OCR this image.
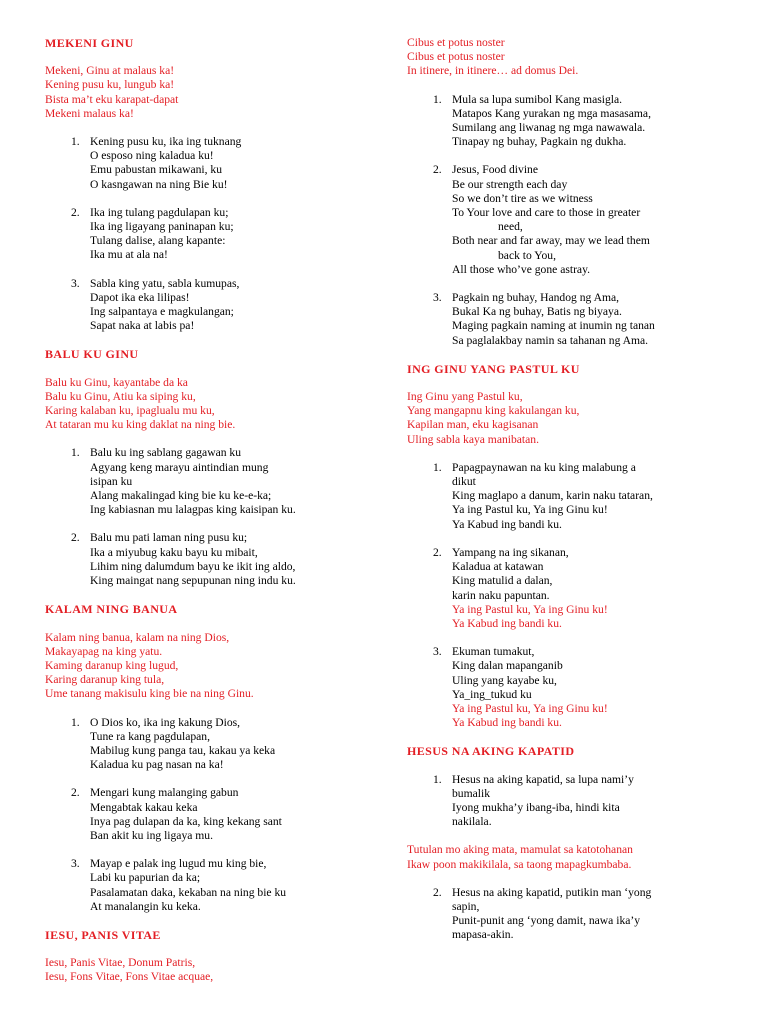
MEKENI GINU
Mekeni, Ginu at malaus ka!
Kening pusu ku, lungub ka!
Bista ma’t eku karapat-dapat
Mekeni malaus ka!
1. Kening pusu ku, ika ing tuknang
O esposo ning kaladua ku!
Emu pabustan mikawani, ku
O kasngawan na ning Bie ku!
2. Ika ing tulang pagdulapan ku;
Ika ing ligayang paninapan ku;
Tulang dalise, alang kapante:
Ika mu at ala na!
3. Sabla king yatu, sabla kumupas,
Dapot ika eka lilipas!
Ing salpantaya e magkulangan;
Sapat naka at labis pa!
BALU KU GINU
Balu ku Ginu, kayantabe da ka
Balu ku Ginu, Atiu ka siping ku,
Karing kalaban ku, ipaglualu mu ku,
At tataran mu ku king daklat na ning bie.
1. Balu ku ing sablang gagawan ku
Agyang keng marayu aintindian mung
isipan ku
Alang makalingad king bie ku ke-e-ka;
Ing kabiasnan mu lalagpas king kaisipan ku.
2. Balu mu pati laman ning pusu ku;
Ika a miyubug kaku bayu ku mibait,
Lihim ning dalumdum bayu ke ikit ing aldo,
King maingat nang sepupunan ning indu ku.
KALAM NING BANUA
Kalam ning banua, kalam na ning Dios,
Makayapag na king yatu.
Kaming daranup king lugud,
Karing daranup king tula,
Ume tanang makisulu king bie na ning Ginu.
1. O Dios ko, ika ing kakung Dios,
Tune ra kang pagdulapan,
Mabilug kung panga tau, kakau ya keka
Kaladua ku pag nasan na ka!
2. Mengari kung malanging gabun
Mengabtak kakau keka
Inya pag dulapan da ka, king kekang sant
Ban akit ku ing ligaya mu.
3. Mayap e palak ing lugud mu king bie,
Labi ku papurian da ka;
Pasalamatan daka, kekaban na ning bie ku
At manalangin ku keka.
IESU, PANIS VITAE
Iesu, Panis Vitae, Donum Patris,
Iesu, Fons Vitae, Fons Vitae acquae,
Cibus et potus noster
Cibus et potus noster
In itinere, in itinere… ad domus Dei.
1. Mula sa lupa sumibol Kang masigla.
Matapos Kang yurakan ng mga masasama,
Sumilang ang liwanag ng mga nawawala.
Tinapay ng buhay, Pagkain ng dukha.
2. Jesus, Food divine
Be our strength each day
So we don’t tire as we witness
To Your love and care to those in greater
need,
Both near and far away, may we lead them
back to You,
All those who’ve gone astray.
3. Pagkain ng buhay, Handog ng Ama,
Bukal Ka ng buhay, Batis ng biyaya.
Maging pagkain naming at inumin ng tanan
Sa paglalakbay namin sa tahanan ng Ama.
ING GINU YANG PASTUL KU
Ing Ginu yang Pastul ku,
Yang mangapnu king kakulangan ku,
Kapilan man, eku kagisanan
Uling sabla kaya manibatan.
1. Papagpaynawan na ku king malabung a
dikut
King maglapo a danum, karin naku tataran,
Ya ing Pastul ku, Ya ing Ginu ku!
Ya Kabud ing bandi ku.
2. Yampang na ing sikanan,
Kaladua at katawan
King matulid a dalan,
karin naku papuntan.
Ya ing Pastul ku, Ya ing Ginu ku!
Ya Kabud ing bandi ku.
3. Ekuman tumakut,
King dalan mapanganib
Uling yang kayabe ku,
Ya_ing_tukud ku
Ya ing Pastul ku, Ya ing Ginu ku!
Ya Kabud ing bandi ku.
HESUS NA AKING KAPATID
1. Hesus na aking kapatid, sa lupa nami’y
bumalik
Iyong mukha’y ibang-iba, hindi kita
nakilala.
Tutulan mo aking mata, mamulat sa katotohanan
Ikaw poon makikilala, sa taong mapagkumbaba.
2. Hesus na aking kapatid, putikin man ‘yong
sapin,
Punit-punit ang ‘yong damit, nawa ika’y
mapasa-akin.
